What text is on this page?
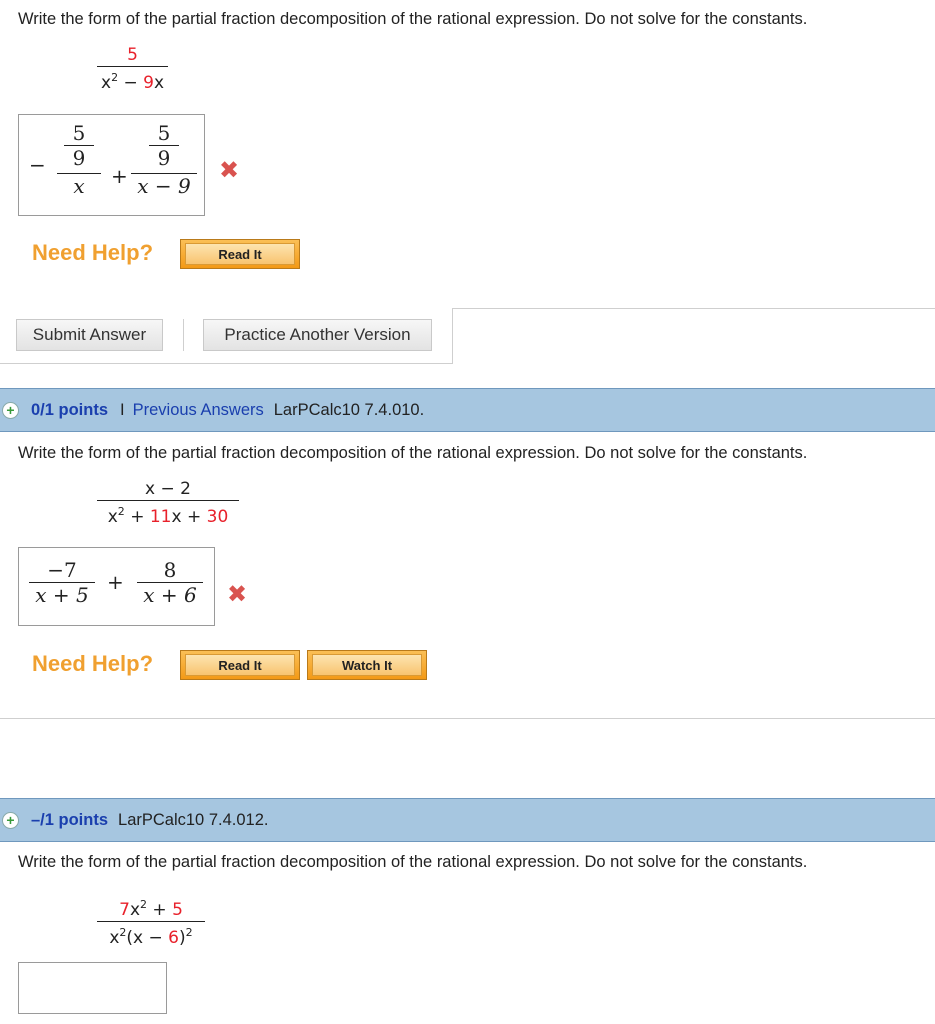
Write the form of the partial fraction decomposition of the rational expression. Do not solve for the constants.
5
$x^2 - 9x$
− $\frac{5}{9}$
x +
$\frac{5}{9}$
x − 9
✖
Need Help?	Read It
Submit Answer	Practice Another Version
+ 0/1 points I Previous Answers LarPCalc10 7.4.010.
Write the form of the partial fraction decomposition of the rational expression. Do not solve for the constants.
x − 2
$x^2 + 11x + 30$
−7
x + 5
+ 8
x + 6 ✖
Need Help?	Read It	Watch It
+ –/1 points LarPCalc10 7.4.012.
Write the form of the partial fraction decomposition of the rational expression. Do not solve for the constants.
$7x^2 + 5$
$x^2(x - 6)^2$
